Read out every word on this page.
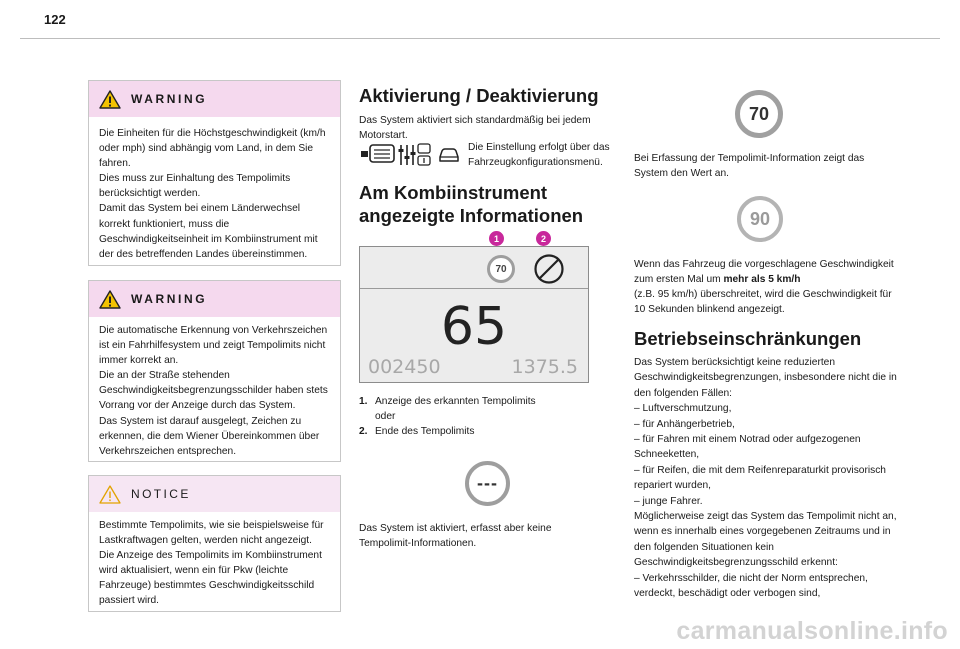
122
WARNING

Die Einheiten für die Höchstgeschwindigkeit (km/h oder mph) sind abhängig vom Land, in dem Sie fahren.
Dies muss zur Einhaltung des Tempolimits berücksichtigt werden.
Damit das System bei einem Länderwechsel korrekt funktioniert, muss die Geschwindigkeitseinheit im Kombiinstrument mit der des betreffenden Landes übereinstimmen.

WARNING

Die automatische Erkennung von Verkehrszeichen ist ein Fahrhilfesystem und zeigt Tempolimits nicht immer korrekt an.
Die an der Straße stehenden Geschwindigkeitsbegrenzungsschilder haben stets Vorrang vor der Anzeige durch das System.
Das System ist darauf ausgelegt, Zeichen zu erkennen, die dem Wiener Übereinkommen über Verkehrszeichen entsprechen.

NOTICE

Bestimmte Tempolimits, wie sie beispielsweise für Lastkraftwagen gelten, werden nicht angezeigt.
Die Anzeige des Tempolimits im Kombiinstrument wird aktualisiert, wenn ein für Pkw (leichte Fahrzeuge) bestimmtes Geschwindigkeitsschild passiert wird.

Aktivierung / Deaktivierung

Das System aktiviert sich standardmäßig bei jedem Motorstart.

Die Einstellung erfolgt über das Fahrzeugkonfigurationsmenü.
Am Kombiinstrument
angezeigte Informationen
1	2
70
65
002450	1375.5
1. Anzeige des erkannten Tempolimits
oder
2. Ende des Tempolimits
---
Das System ist aktiviert, erfasst aber keine Tempolimit-Informationen.
70
Bei Erfassung der Tempolimit-Information zeigt das System den Wert an.
90
Wenn das Fahrzeug die vorgeschlagene Geschwindigkeit zum ersten Mal um mehr als 5 km/h
(z.B. 95 km/h) überschreitet, wird die Geschwindigkeit für 10 Sekunden blinkend angezeigt.
Betriebseinschränkungen

Das System berücksichtigt keine reduzierten Geschwindigkeitsbegrenzungen, insbesondere nicht die in den folgenden Fällen:
– Luftverschmutzung,
– für Anhängerbetrieb,
– für Fahren mit einem Notrad oder aufgezogenen Schneeketten,
– für Reifen, die mit dem Reifenreparaturkit provisorisch repariert wurden,
– junge Fahrer.
Möglicherweise zeigt das System das Tempolimit nicht an, wenn es innerhalb eines vorgegebenen Zeitraums und in den folgenden Situationen kein Geschwindigkeitsbegrenzungsschild erkennt:
– Verkehrsschilder, die nicht der Norm entsprechen, verdeckt, beschädigt oder verbogen sind,

carmanualsonline.info
